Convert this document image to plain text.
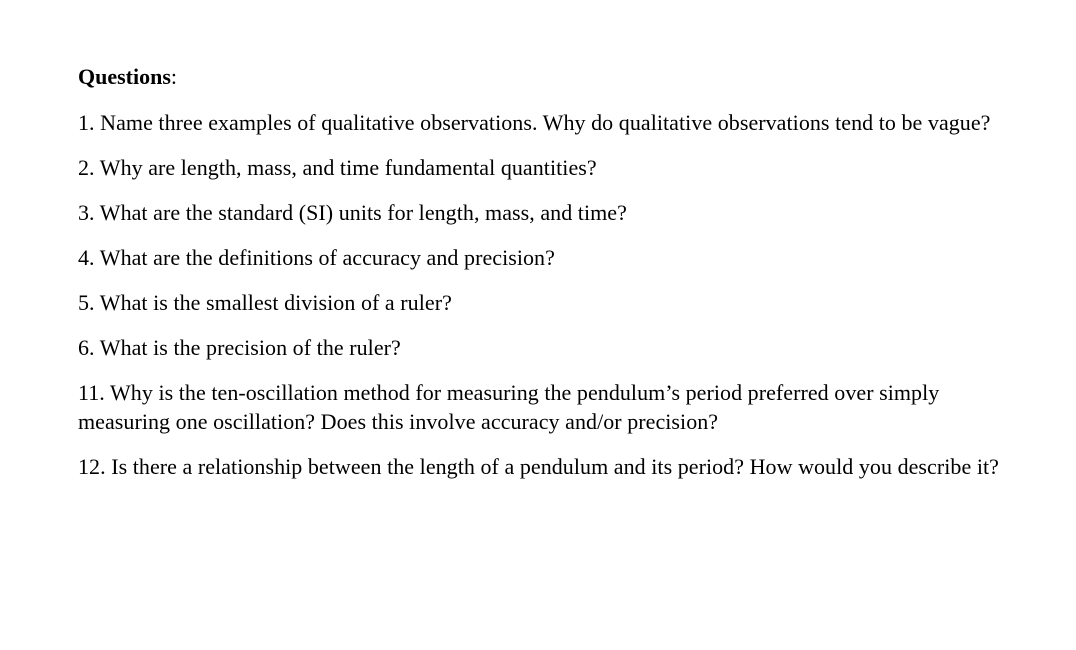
Questions:
1. Name three examples of qualitative observations. Why do qualitative observations tend to be vague?
2. Why are length, mass, and time fundamental quantities?
3. What are the standard (SI) units for length, mass, and time?
4. What are the definitions of accuracy and precision?
5. What is the smallest division of a ruler?
6. What is the precision of the ruler?
11. Why is the ten-oscillation method for measuring the pendulum’s period preferred over simply measuring one oscillation? Does this involve accuracy and/or precision?
12. Is there a relationship between the length of a pendulum and its period? How would you describe it?
